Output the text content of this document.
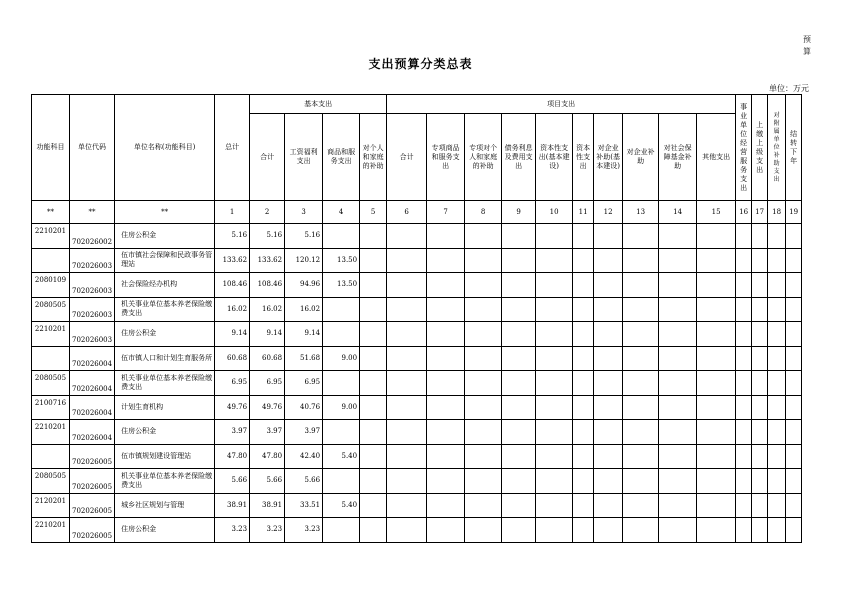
预算
支出预算分类总表
单位：万元
功能科目	单位代码	单位名称(功能科目)	总计	基本支出				项目支出										事业单位经营服务支出	上缴上级支出	对附属单位补助支出	结转下年
				合计	工资福利支出	商品和服务支出	对个人和家庭的补助	合计	专项商品和服务支出	专项对个人和家庭的补助	债务利息及费用支出	资本性支出(基本建设)	资本性支出	对企业补助(基本建设)	对企业补助	对社会保障基金补助	其他支出				
**	**	**	1	2	3	4	5	6	7	8	9	10	11	12	13	14	15	16	17	18	19
2210201	702026002	住房公积金	5.16	5.16	5.16																
	702026003	伍市镇社会保障和民政事务管理站	133.62	133.62	120.12	13.50															
2080109	702026003	社会保险经办机构	108.46	108.46	94.96	13.50															
2080505	702026003	机关事业单位基本养老保险缴费支出	16.02	16.02	16.02																
2210201	702026003	住房公积金	9.14	9.14	9.14																
	702026004	伍市镇人口和计划生育服务所	60.68	60.68	51.68	9.00															
2080505	702026004	机关事业单位基本养老保险缴费支出	6.95	6.95	6.95																
2100716	702026004	计划生育机构	49.76	49.76	40.76	9.00															
2210201	702026004	住房公积金	3.97	3.97	3.97																
	702026005	伍市镇规划建设管理站	47.80	47.80	42.40	5.40															
2080505	702026005	机关事业单位基本养老保险缴费支出	5.66	5.66	5.66																
2120201	702026005	城乡社区规划与管理	38.91	38.91	33.51	5.40															
2210201	702026005	住房公积金	3.23	3.23	3.23																
